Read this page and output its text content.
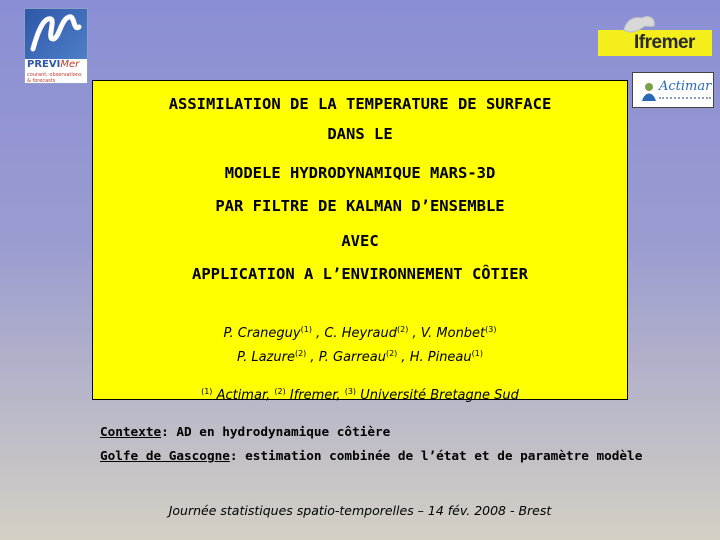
PREVIMer
courant, observations & forecasts
Ifremer
Actimar
ASSIMILATION DE LA TEMPERATURE DE SURFACE
DANS LE
MODELE HYDRODYNAMIQUE MARS-3D
PAR FILTRE DE KALMAN D’ENSEMBLE
AVEC
APPLICATION A L’ENVIRONNEMENT CÔTIER
P. Craneguy$^{(1)}$ , C. Heyraud$^{(2)}$ , V. Monbet$^{(3)}$
P. Lazure$^{(2)}$ , P. Garreau$^{(2)}$ , H. Pineau$^{(1)}$
$^{(1)}$ Actimar, $^{(2)}$ Ifremer, $^{(3)}$ Université Bretagne Sud
Contexte: AD en hydrodynamique côtière
Golfe de Gascogne: estimation combinée de l’état et de paramètre modèle
Journée statistiques spatio-temporelles – 14 fév. 2008 - Brest
